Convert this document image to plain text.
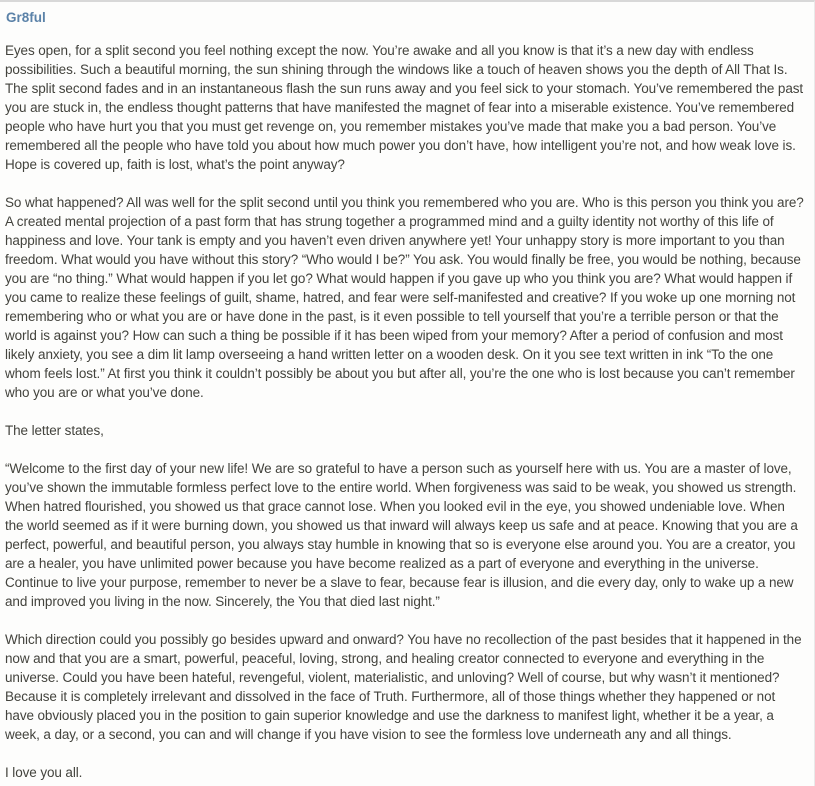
Gr8ful

Eyes open, for a split second you feel nothing except the now. You’re awake and all you know is that it’s a new day with endless possibilities. Such a beautiful morning, the sun shining through the windows like a touch of heaven shows you the depth of All That Is. The split second fades and in an instantaneous flash the sun runs away and you feel sick to your stomach. You’ve remembered the past you are stuck in, the endless thought patterns that have manifested the magnet of fear into a miserable existence. You’ve remembered people who have hurt you that you must get revenge on, you remember mistakes you’ve made that make you a bad person. You’ve remembered all the people who have told you about how much power you don’t have, how intelligent you’re not, and how weak love is. Hope is covered up, faith is lost, what’s the point anyway?

So what happened? All was well for the split second until you think you remembered who you are. Who is this person you think you are? A created mental projection of a past form that has strung together a programmed mind and a guilty identity not worthy of this life of happiness and love. Your tank is empty and you haven’t even driven anywhere yet! Your unhappy story is more important to you than freedom. What would you have without this story? “Who would I be?” You ask. You would finally be free, you would be nothing, because you are “no thing.” What would happen if you let go? What would happen if you gave up who you think you are? What would happen if you came to realize these feelings of guilt, shame, hatred, and fear were self-manifested and creative? If you woke up one morning not remembering who or what you are or have done in the past, is it even possible to tell yourself that you’re a terrible person or that the world is against you? How can such a thing be possible if it has been wiped from your memory? After a period of confusion and most likely anxiety, you see a dim lit lamp overseeing a hand written letter on a wooden desk. On it you see text written in ink “To the one whom feels lost.” At first you think it couldn’t possibly be about you but after all, you’re the one who is lost because you can’t remember who you are or what you’ve done.

The letter states,

“Welcome to the first day of your new life! We are so grateful to have a person such as yourself here with us. You are a master of love, you’ve shown the immutable formless perfect love to the entire world. When forgiveness was said to be weak, you showed us strength. When hatred flourished, you showed us that grace cannot lose. When you looked evil in the eye, you showed undeniable love. When the world seemed as if it were burning down, you showed us that inward will always keep us safe and at peace. Knowing that you are a perfect, powerful, and beautiful person, you always stay humble in knowing that so is everyone else around you. You are a creator, you are a healer, you have unlimited power because you have become realized as a part of everyone and everything in the universe. Continue to live your purpose, remember to never be a slave to fear, because fear is illusion, and die every day, only to wake up a new and improved you living in the now. Sincerely, the You that died last night.”

Which direction could you possibly go besides upward and onward? You have no recollection of the past besides that it happened in the now and that you are a smart, powerful, peaceful, loving, strong, and healing creator connected to everyone and everything in the universe. Could you have been hateful, revengeful, violent, materialistic, and unloving? Well of course, but why wasn’t it mentioned? Because it is completely irrelevant and dissolved in the face of Truth. Furthermore, all of those things whether they happened or not have obviously placed you in the position to gain superior knowledge and use the darkness to manifest light, whether it be a year, a week, a day, or a second, you can and will change if you have vision to see the formless love underneath any and all things.

I love you all.
